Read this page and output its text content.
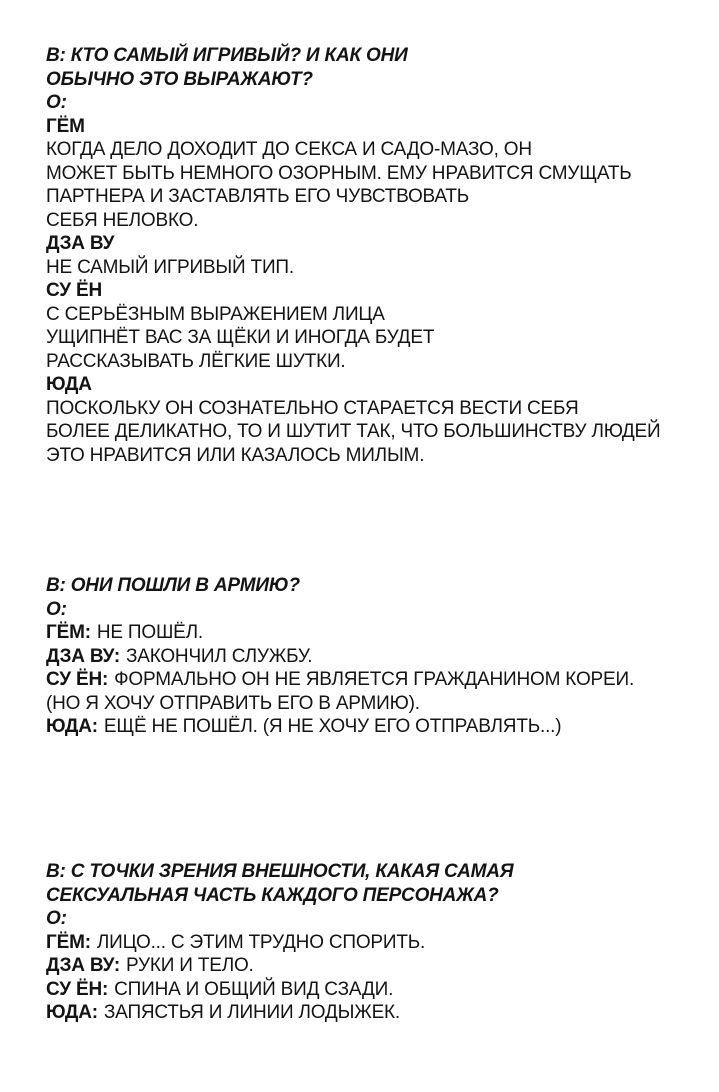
В: КТО САМЫЙ ИГРИВЫЙ? И КАК ОНИ

ОБЫЧНО ЭТО ВЫРАЖАЮТ?

О:

ГЁМ

КОГДА ДЕЛО ДОХОДИТ ДО СЕКСА И САДО-МАЗО, ОН

МОЖЕТ БЫТЬ НЕМНОГО ОЗОРНЫМ. ЕМУ НРАВИТСЯ СМУЩАТЬ

ПАРТНЕРА И ЗАСТАВЛЯТЬ ЕГО ЧУВСТВОВАТЬ

СЕБЯ НЕЛОВКО.

ДЗА ВУ

НЕ САМЫЙ ИГРИВЫЙ ТИП.

СУ ЁН

С СЕРЬЁЗНЫМ ВЫРАЖЕНИЕМ ЛИЦА

УЩИПНЁТ ВАС ЗА ЩЁКИ И ИНОГДА БУДЕТ

РАССКАЗЫВАТЬ ЛЁГКИЕ ШУТКИ.

ЮДА

ПОСКОЛЬКУ ОН СОЗНАТЕЛЬНО СТАРАЕТСЯ ВЕСТИ СЕБЯ

БОЛЕЕ ДЕЛИКАТНО, ТО И ШУТИТ ТАК, ЧТО БОЛЬШИНСТВУ ЛЮДЕЙ

ЭТО НРАВИТСЯ ИЛИ КАЗАЛОСЬ МИЛЫМ.

В: ОНИ ПОШЛИ В АРМИЮ?

О:

ГЁМ: НЕ ПОШЁЛ.

ДЗА ВУ: ЗАКОНЧИЛ СЛУЖБУ.

СУ ЁН: ФОРМАЛЬНО ОН НЕ ЯВЛЯЕТСЯ ГРАЖДАНИНОМ КОРЕИ.

(НО Я ХОЧУ ОТПРАВИТЬ ЕГО В АРМИЮ).

ЮДА: ЕЩЁ НЕ ПОШЁЛ. (Я НЕ ХОЧУ ЕГО ОТПРАВЛЯТЬ...)

В: С ТОЧКИ ЗРЕНИЯ ВНЕШНОСТИ, КАКАЯ САМАЯ

СЕКСУАЛЬНАЯ ЧАСТЬ КАЖДОГО ПЕРСОНАЖА?

О:

ГЁМ: ЛИЦО... С ЭТИМ ТРУДНО СПОРИТЬ.

ДЗА ВУ: РУКИ И ТЕЛО.

СУ ЁН: СПИНА И ОБЩИЙ ВИД СЗАДИ.

ЮДА: ЗАПЯСТЬЯ И ЛИНИИ ЛОДЫЖЕК.
